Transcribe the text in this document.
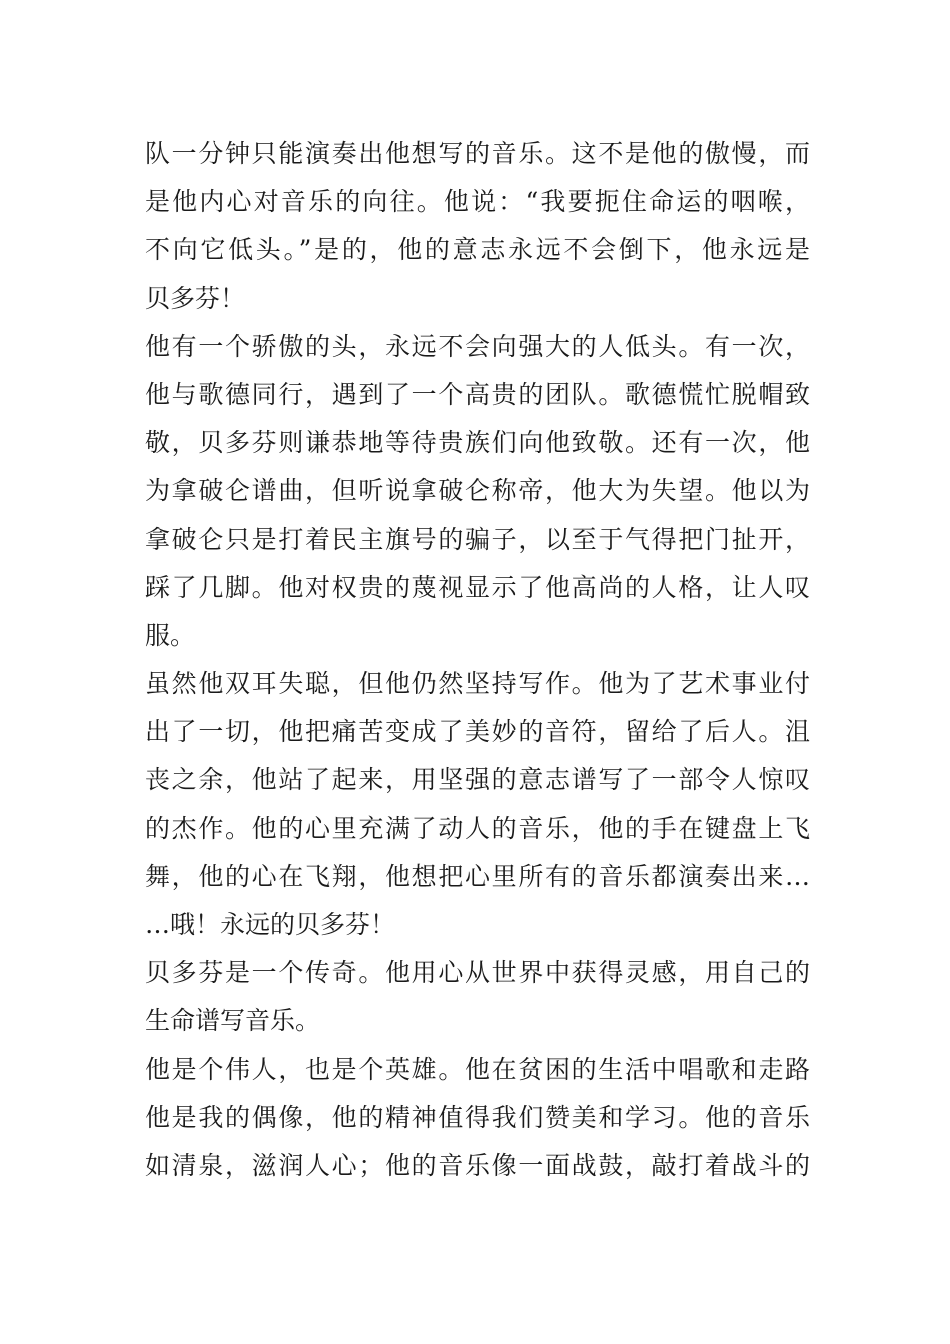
队一分钟只能演奏出他想写的音乐。这不是他的傲慢，而
是他内心对音乐的向往。他说：“我要扼住命运的咽喉，
不向它低头。”是的，他的意志永远不会倒下，他永远是
贝多芬！
他有一个骄傲的头，永远不会向强大的人低头。有一次，
他与歌德同行，遇到了一个高贵的团队。歌德慌忙脱帽致
敬，贝多芬则谦恭地等待贵族们向他致敬。还有一次，他
为拿破仑谱曲，但听说拿破仑称帝，他大为失望。他以为
拿破仑只是打着民主旗号的骗子，以至于气得把门扯开，
踩了几脚。他对权贵的蔑视显示了他高尚的人格，让人叹
服。
虽然他双耳失聪，但他仍然坚持写作。他为了艺术事业付
出了一切，他把痛苦变成了美妙的音符，留给了后人。沮
丧之余，他站了起来，用坚强的意志谱写了一部令人惊叹
的杰作。他的心里充满了动人的音乐，他的手在键盘上飞
舞，他的心在飞翔，他想把心里所有的音乐都演奏出来…
…哦！永远的贝多芬！
贝多芬是一个传奇。他用心从世界中获得灵感，用自己的
生命谱写音乐。
他是个伟人，也是个英雄。他在贫困的生活中唱歌和走路
他是我的偶像，他的精神值得我们赞美和学习。他的音乐
如清泉，滋润人心；他的音乐像一面战鼓，敲打着战斗的
